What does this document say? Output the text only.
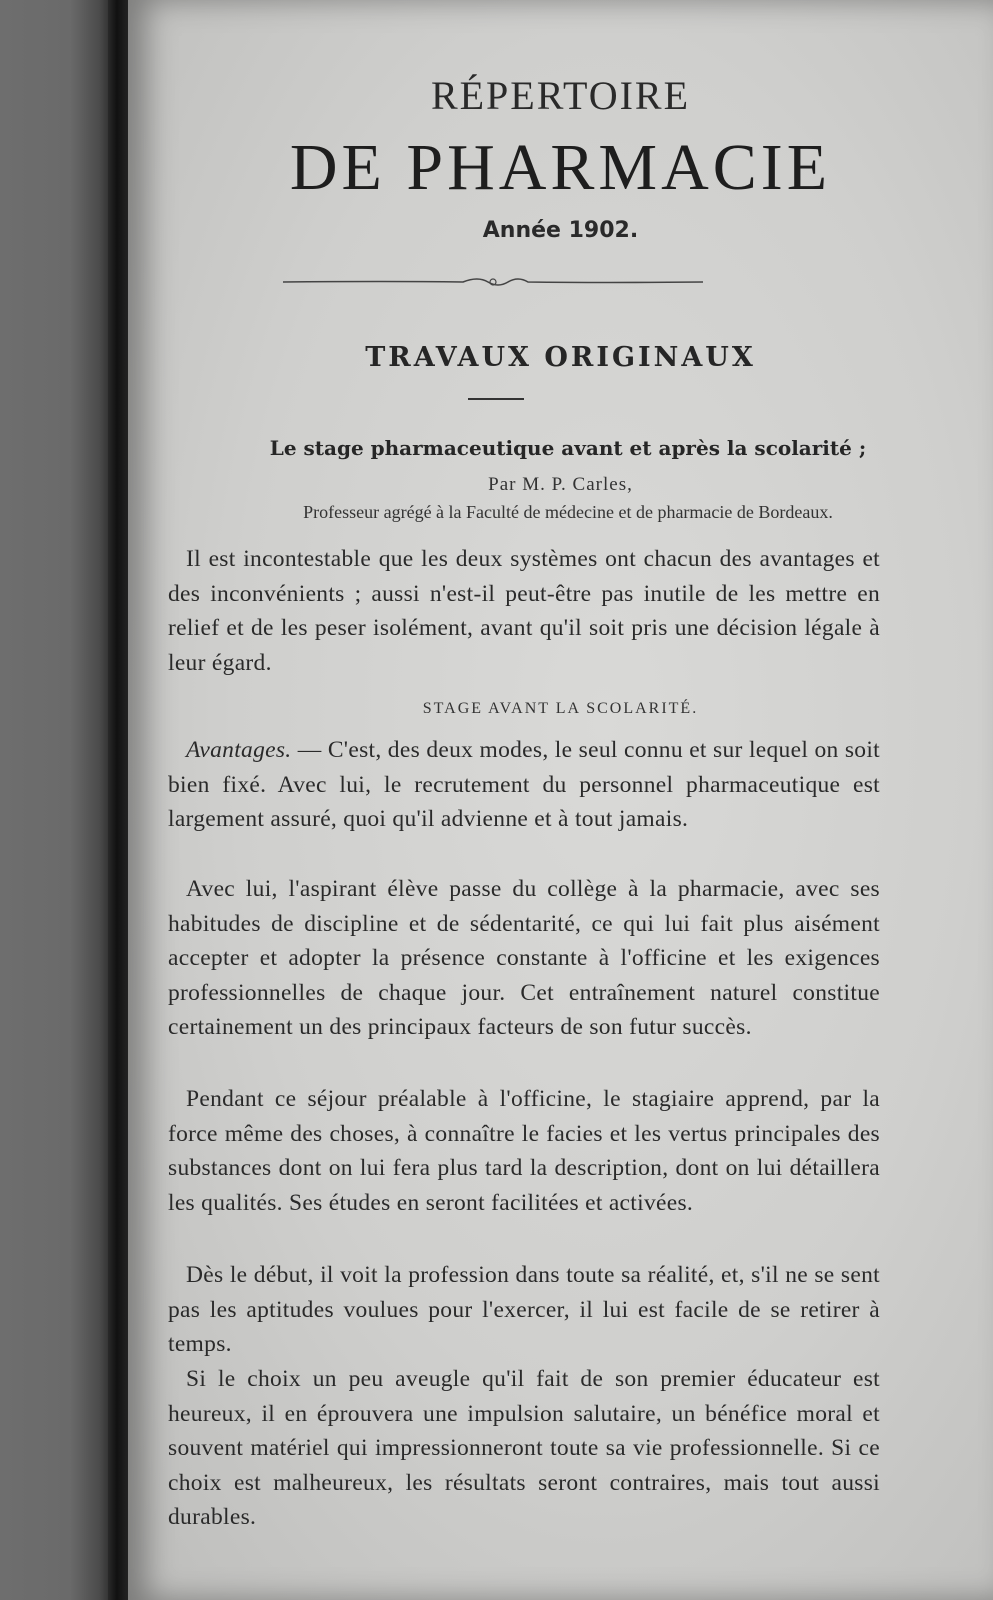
RÉPERTOIRE
DE PHARMACIE
Année 1902.
TRAVAUX ORIGINAUX
Le stage pharmaceutique avant et après la scolarité ;
Par M. P. Carles,
Professeur agrégé à la Faculté de médecine et de pharmacie de Bordeaux.

Il est incontestable que les deux systèmes ont chacun des avantages et des inconvénients ; aussi n'est-il peut-être pas inutile de les mettre en relief et de les peser isolément, avant qu'il soit pris une décision légale à leur égard.

STAGE AVANT LA SCOLARITÉ.

Avantages. — C'est, des deux modes, le seul connu et sur lequel on soit bien fixé. Avec lui, le recrutement du personnel pharmaceutique est largement assuré, quoi qu'il advienne et à tout jamais.

Avec lui, l'aspirant élève passe du collège à la pharmacie, avec ses habitudes de discipline et de sédentarité, ce qui lui fait plus aisément accepter et adopter la présence constante à l'officine et les exigences professionnelles de chaque jour. Cet entraînement naturel constitue certainement un des principaux facteurs de son futur succès.

Pendant ce séjour préalable à l'officine, le stagiaire apprend, par la force même des choses, à connaître le facies et les vertus principales des substances dont on lui fera plus tard la description, dont on lui détaillera les qualités. Ses études en seront facilitées et activées.

Dès le début, il voit la profession dans toute sa réalité, et, s'il ne se sent pas les aptitudes voulues pour l'exercer, il lui est facile de se retirer à temps.

Si le choix un peu aveugle qu'il fait de son premier éducateur est heureux, il en éprouvera une impulsion salutaire, un bénéfice moral et souvent matériel qui impressionneront toute sa vie professionnelle. Si ce choix est malheureux, les résultats seront contraires, mais tout aussi durables.
